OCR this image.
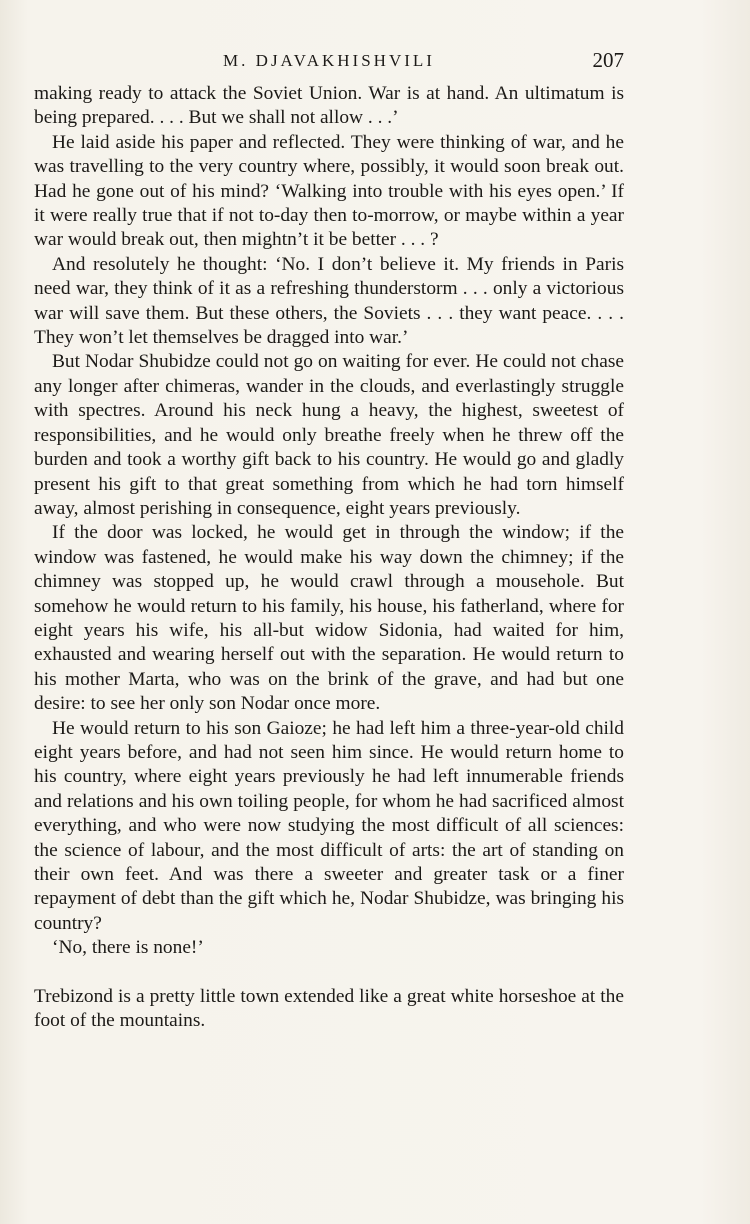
M. DJAVAKHISHVILI	207

making ready to attack the Soviet Union. War is at hand. An ultimatum is being prepared. . . . But we shall not allow . . .’

He laid aside his paper and reflected. They were thinking of war, and he was travelling to the very country where, possibly, it would soon break out. Had he gone out of his mind? ‘Walking into trouble with his eyes open.’ If it were really true that if not to-day then to-morrow, or maybe within a year war would break out, then mightn’t it be better . . . ?

And resolutely he thought: ‘No. I don’t believe it. My friends in Paris need war, they think of it as a refreshing thunderstorm . . . only a victorious war will save them. But these others, the Soviets . . . they want peace. . . . They won’t let themselves be dragged into war.’

But Nodar Shubidze could not go on waiting for ever. He could not chase any longer after chimeras, wander in the clouds, and everlastingly struggle with spectres. Around his neck hung a heavy, the highest, sweetest of responsibilities, and he would only breathe freely when he threw off the burden and took a worthy gift back to his country. He would go and gladly present his gift to that great something from which he had torn himself away, almost perishing in consequence, eight years previously.

If the door was locked, he would get in through the window; if the window was fastened, he would make his way down the chimney; if the chimney was stopped up, he would crawl through a mousehole. But somehow he would return to his family, his house, his fatherland, where for eight years his wife, his all-but widow Sidonia, had waited for him, exhausted and wearing herself out with the separation. He would return to his mother Marta, who was on the brink of the grave, and had but one desire: to see her only son Nodar once more.

He would return to his son Gaioze; he had left him a three-year-old child eight years before, and had not seen him since. He would return home to his country, where eight years previously he had left innumerable friends and relations and his own toiling people, for whom he had sacrificed almost everything, and who were now studying the most difficult of all sciences: the science of labour, and the most difficult of arts: the art of standing on their own feet. And was there a sweeter and greater task or a finer repayment of debt than the gift which he, Nodar Shubidze, was bringing his country?

‘No, there is none!’

Trebizond is a pretty little town extended like a great white horseshoe at the foot of the mountains.
